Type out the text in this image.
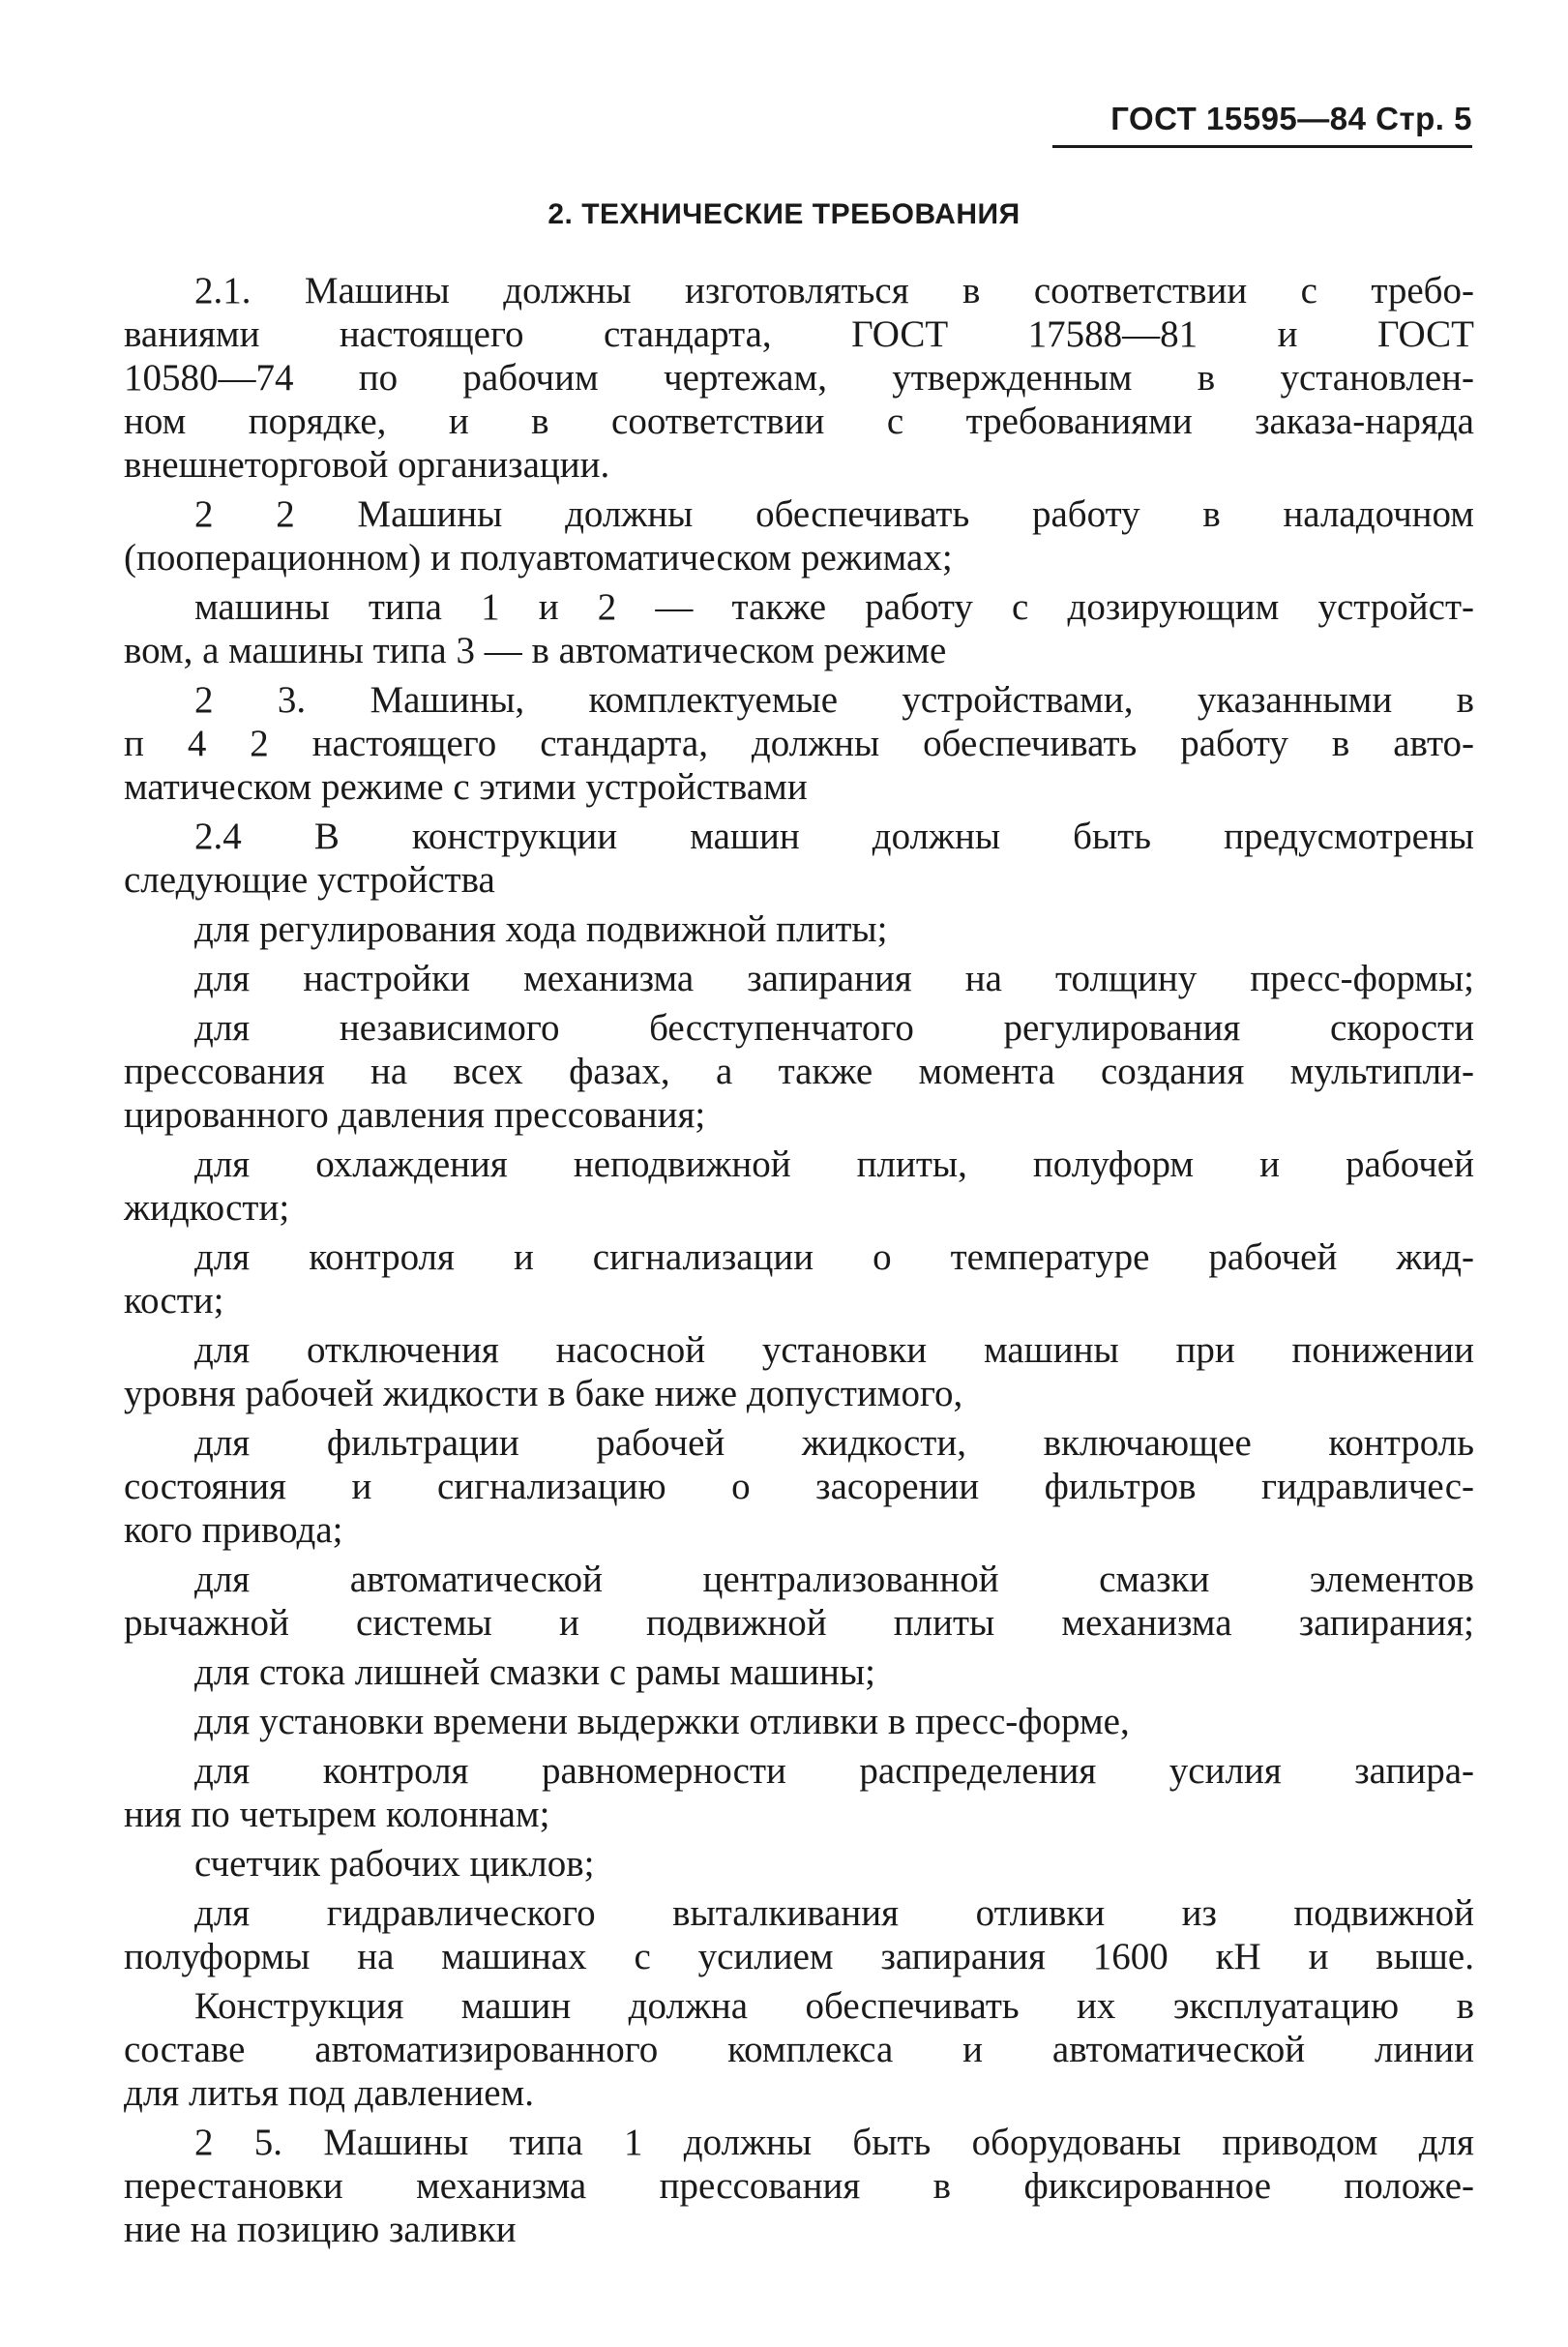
ГОСТ 15595—84 Стр. 5
2. ТЕХНИЧЕСКИЕ ТРЕБОВАНИЯ
2.1. Машины должны изготовляться в соответствии с требо-
ваниями настоящего стандарта, ГОСТ 17588—81 и ГОСТ
10580—74 по рабочим чертежам, утвержденным в установлен-
ном порядке, и в соответствии с требованиями заказа-наряда
внешнеторговой организации.
2 2 Машины должны обеспечивать работу в наладочном
(пооперационном) и полуавтоматическом режимах;
машины типа 1 и 2 — также работу с дозирующим устройст-
вом, а машины типа 3 — в автоматическом режиме
2 3. Машины, комплектуемые устройствами, указанными в
п 4 2 настоящего стандарта, должны обеспечивать работу в авто-
матическом режиме с этими устройствами
2.4 В конструкции машин должны быть предусмотрены
следующие устройства
для регулирования хода подвижной плиты;
для настройки механизма запирания на толщину пресс-формы;
для независимого бесступенчатого регулирования скорости
прессования на всех фазах, а также момента создания мультипли-
цированного давления прессования;
для охлаждения неподвижной плиты, полуформ и рабочей
жидкости;
для контроля и сигнализации о температуре рабочей жид-
кости;
для отключения насосной установки машины при понижении
уровня рабочей жидкости в баке ниже допустимого,
для фильтрации рабочей жидкости, включающее контроль
состояния и сигнализацию о засорении фильтров гидравличес-
кого привода;
для автоматической централизованной смазки элементов
рычажной системы и подвижной плиты механизма запирания;
для стока лишней смазки с рамы машины;
для установки времени выдержки отливки в пресс-форме,
для контроля равномерности распределения усилия запира-
ния по четырем колоннам;
счетчик рабочих циклов;
для гидравлического выталкивания отливки из подвижной
полуформы на машинах с усилием запирания 1600 кН и выше.
Конструкция машин должна обеспечивать их эксплуатацию в
составе автоматизированного комплекса и автоматической линии
для литья под давлением.
2 5. Машины типа 1 должны быть оборудованы приводом для
перестановки механизма прессования в фиксированное положе-
ние на позицию заливки
